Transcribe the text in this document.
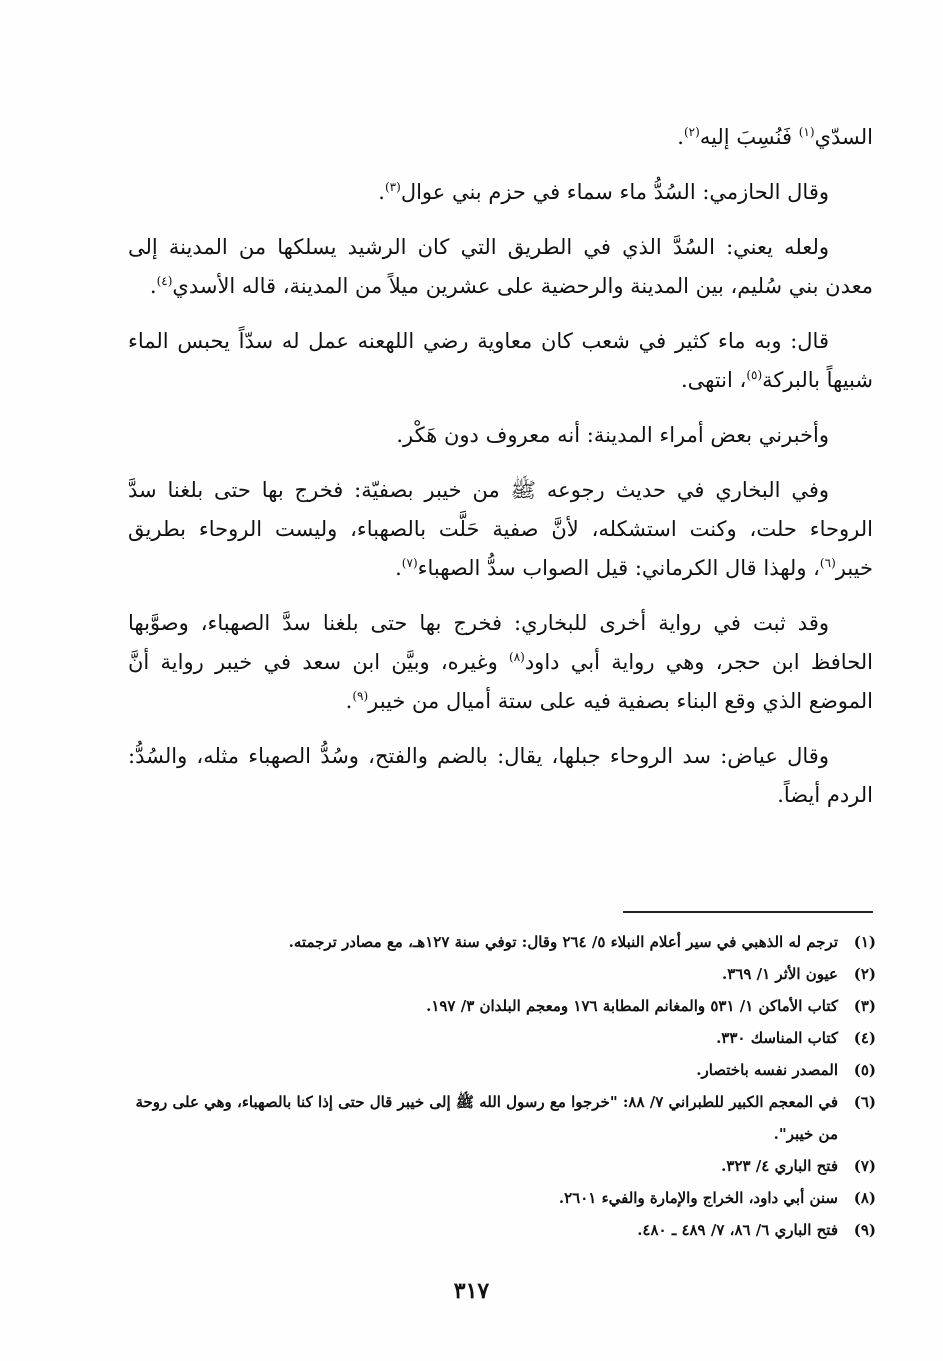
السدّي$^{(١)}$ فَنُسِبَ إليه$^{(٢)}$.

وقال الحازمي: السُدُّ ماء سماء في حزم بني عوال$^{(٣)}$.

ولعله يعني: السُدَّ الذي في الطريق التي كان الرشيد يسلكها من المدينة إلى معدن بني سُليم، بين المدينة والرحضية على عشرين ميلاً من المدينة، قاله الأسدي$^{(٤)}$.

قال: وبه ماء كثير في شعب كان معاوية رضي اللهعنه عمل له سدّاً يحبس الماء شبيهاً بالبركة$^{(٥)}$، انتهى.

وأخبرني بعض أمراء المدينة: أنه معروف دون هَكْر.

وفي البخاري في حديث رجوعه ﷺ من خيبر بصفيّة: فخرج بها حتى بلغنا سدَّ الروحاء حلت، وكنت استشكله، لأنَّ صفية حَلَّت بالصهباء، وليست الروحاء بطريق خيبر$^{(٦)}$، ولهذا قال الكرماني: قيل الصواب سدُّ الصهباء$^{(٧)}$.

وقد ثبت في رواية أخرى للبخاري: فخرج بها حتى بلغنا سدَّ الصهباء، وصوَّبها الحافظ ابن حجر، وهي رواية أبي داود$^{(٨)}$ وغيره، وبيَّن ابن سعد في خيبر رواية أنَّ الموضع الذي وقع البناء بصفية فيه على ستة أميال من خيبر$^{(٩)}$.

وقال عياض: سد الروحاء جبلها، يقال: بالضم والفتح، وسُدُّ الصهباء مثله، والسُدُّ: الردم أيضاً.

(١)
ترجم له الذهبي في سير أعلام النبلاء ٥/ ٢٦٤ وقال: توفي سنة ١٢٧هـ، مع مصادر ترجمته.
(٢)
عيون الأثر ١/ ٣٦٩.
(٣)
كتاب الأماكن ١/ ٥٣١ والمغانم المطابة ١٧٦ ومعجم البلدان ٣/ ١٩٧.
(٤)
كتاب المناسك ٣٣٠.
(٥)
المصدر نفسه باختصار.
(٦)
في المعجم الكبير للطبراني ٧/ ٨٨: "خرجوا مع رسول الله ﷺ إلى خيبر قال حتى إذا كنا بالصهباء، وهي على روحة من خيبر".
(٧)
فتح الباري ٤/ ٣٢٣.
(٨)
سنن أبي داود، الخراج والإمارة والفيء ٢٦٠١.
(٩)
فتح الباري ٦/ ٨٦، ٧/ ٤٨٩ ـ ٤٨٠.
٣١٧
